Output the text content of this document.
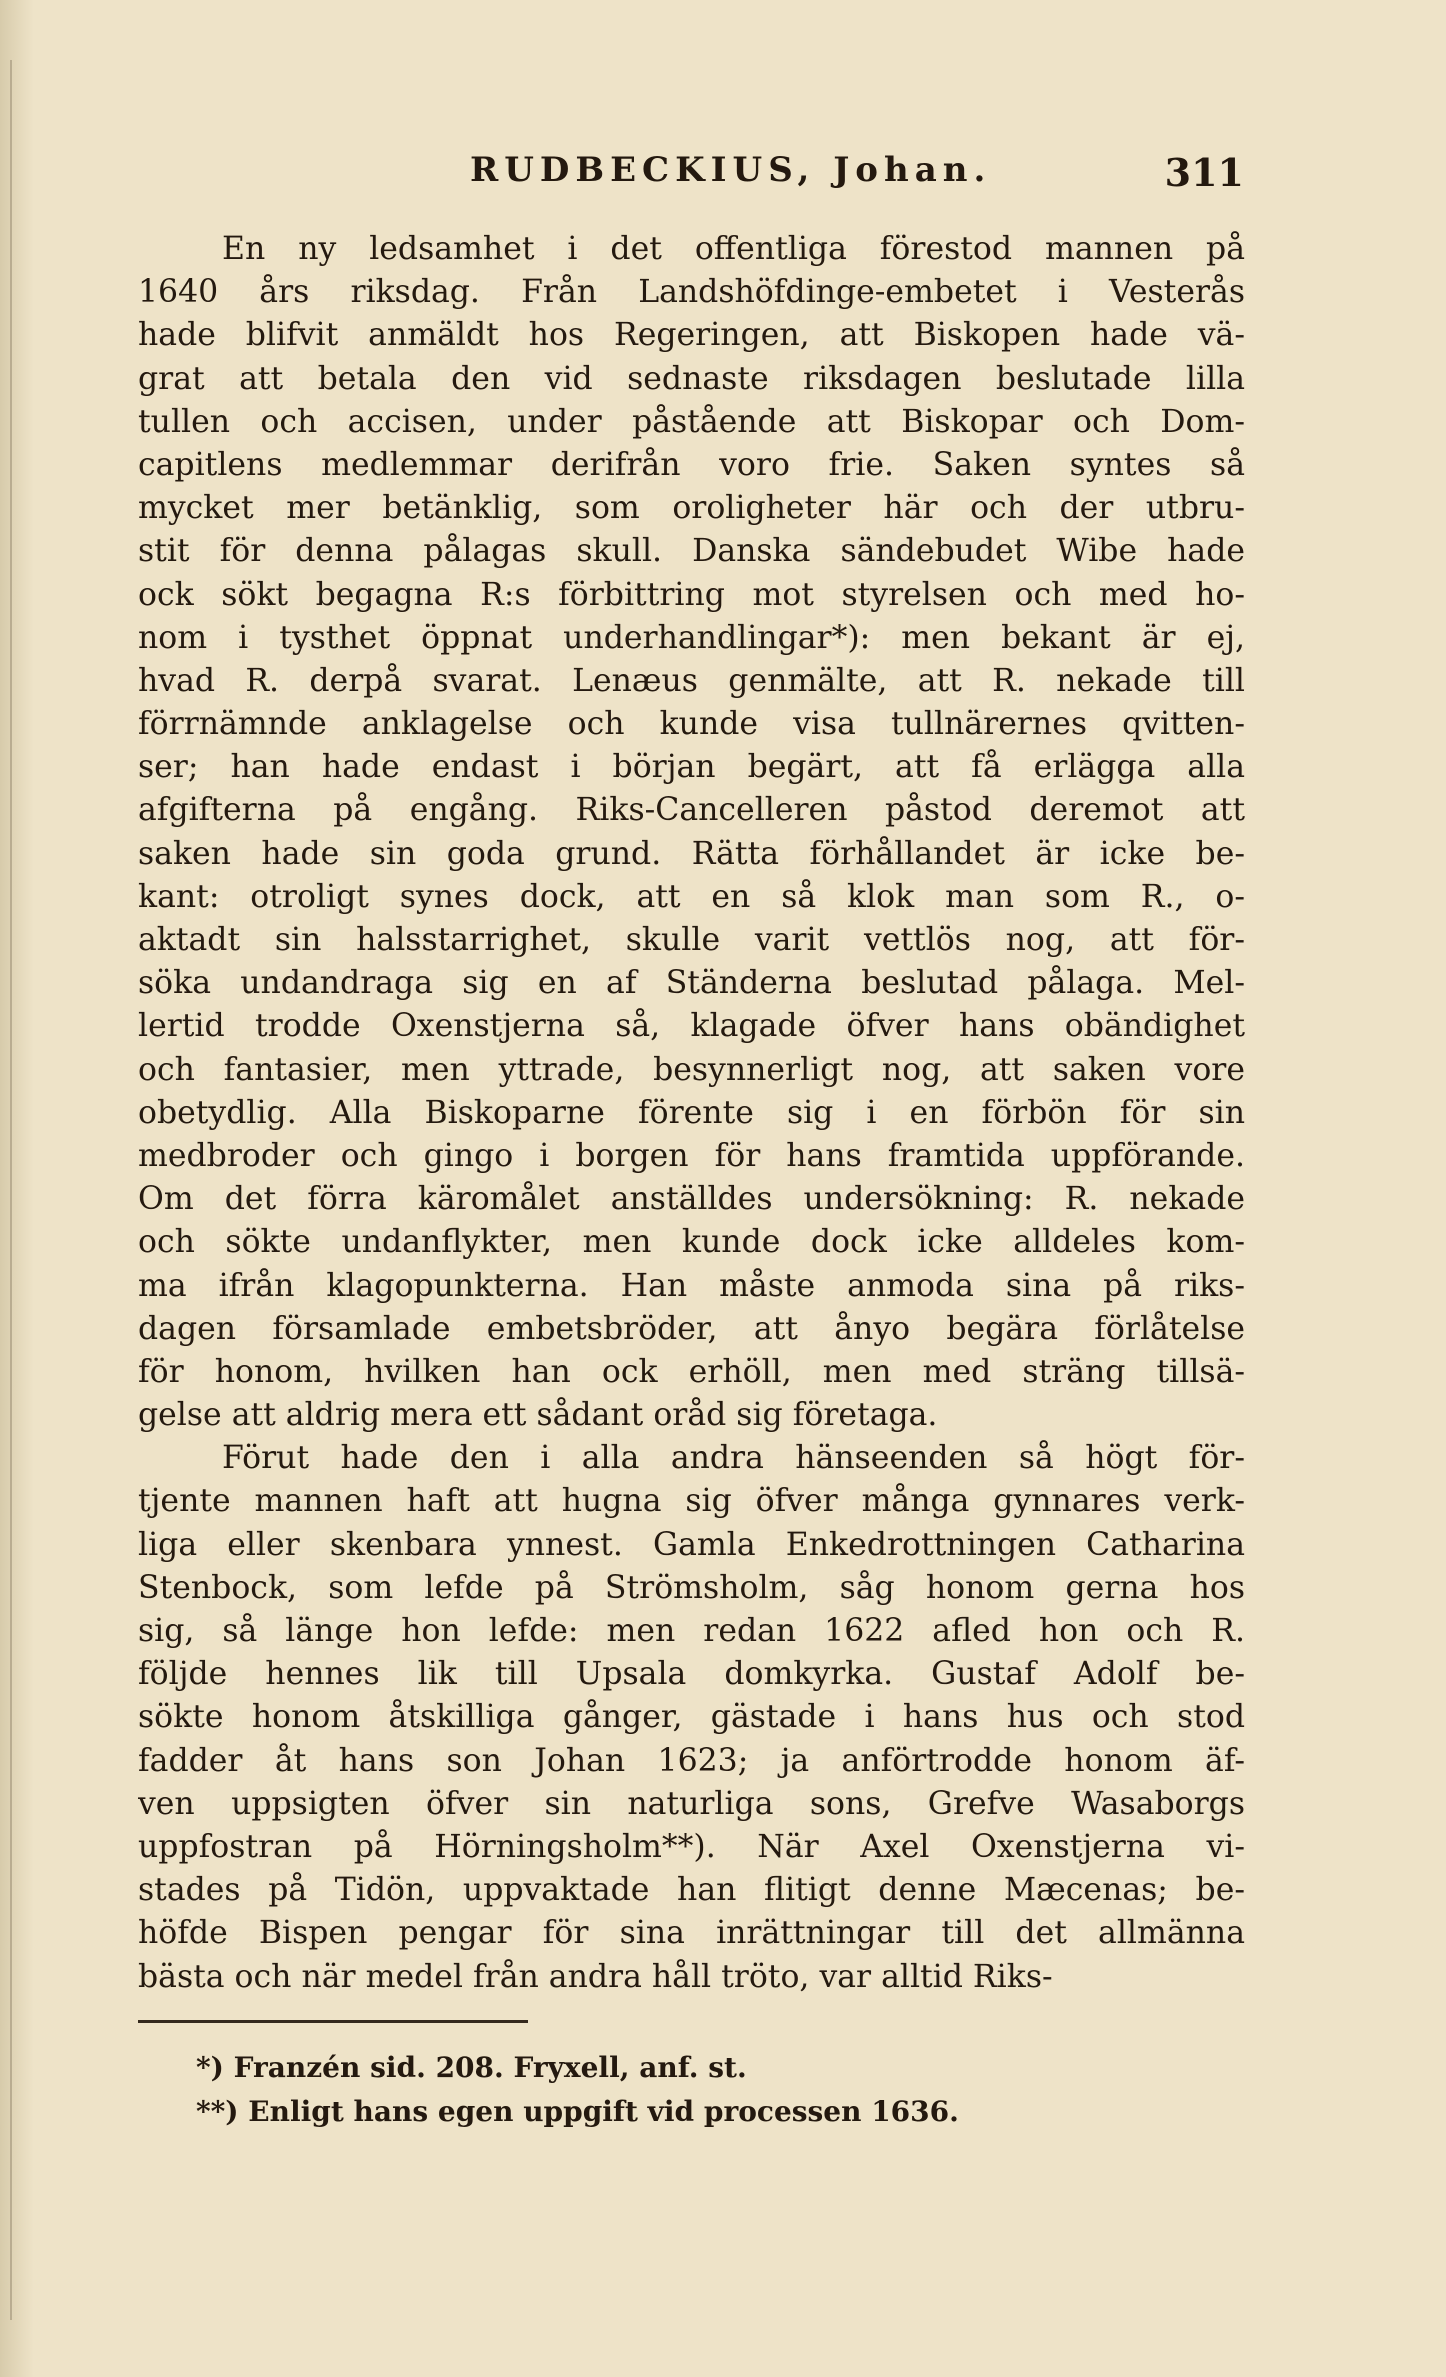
RUDBECKIUS, Johan.	311
En ny ledsamhet i det offentliga förestod mannen på
1640 års riksdag. Från Landshöfdinge-embetet i Vesterås
hade blifvit anmäldt hos Regeringen, att Biskopen hade vä-
grat att betala den vid sednaste riksdagen beslutade lilla
tullen och accisen, under påstående att Biskopar och Dom-
capitlens medlemmar derifrån voro frie. Saken syntes så
mycket mer betänklig, som oroligheter här och der utbru-
stit för denna pålagas skull. Danska sändebudet Wibe hade
ock sökt begagna R:s förbittring mot styrelsen och med ho-
nom i tysthet öppnat underhandlingar*): men bekant är ej,
hvad R. derpå svarat. Lenæus genmälte, att R. nekade till
förrnämnde anklagelse och kunde visa tullnärernes qvitten-
ser; han hade endast i början begärt, att få erlägga alla
afgifterna på engång. Riks-Cancelleren påstod deremot att
saken hade sin goda grund. Rätta förhållandet är icke be-
kant: otroligt synes dock, att en så klok man som R., o-
aktadt sin halsstarrighet, skulle varit vettlös nog, att för-
söka undandraga sig en af Ständerna beslutad pålaga. Mel-
lertid trodde Oxenstjerna så, klagade öfver hans obändighet
och fantasier, men yttrade, besynnerligt nog, att saken vore
obetydlig. Alla Biskoparne förente sig i en förbön för sin
medbroder och gingo i borgen för hans framtida uppförande.
Om det förra käromålet anställdes undersökning: R. nekade
och sökte undanflykter, men kunde dock icke alldeles kom-
ma ifrån klagopunkterna. Han måste anmoda sina på riks-
dagen församlade embetsbröder, att ånyo begära förlåtelse
för honom, hvilken han ock erhöll, men med sträng tillsä-
gelse att aldrig mera ett sådant oråd sig företaga.
Förut hade den i alla andra hänseenden så högt för-
tjente mannen haft att hugna sig öfver många gynnares verk-
liga eller skenbara ynnest. Gamla Enkedrottningen Catharina
Stenbock, som lefde på Strömsholm, såg honom gerna hos
sig, så länge hon lefde: men redan 1622 afled hon och R.
följde hennes lik till Upsala domkyrka. Gustaf Adolf be-
sökte honom åtskilliga gånger, gästade i hans hus och stod
fadder åt hans son Johan 1623; ja anförtrodde honom äf-
ven uppsigten öfver sin naturliga sons, Grefve Wasaborgs
uppfostran på Hörningsholm**). När Axel Oxenstjerna vi-
stades på Tidön, uppvaktade han flitigt denne Mæcenas; be-
höfde Bispen pengar för sina inrättningar till det allmänna
bästa och när medel från andra håll tröto, var alltid Riks-
*) Franzén sid. 208. Fryxell, anf. st.
**) Enligt hans egen uppgift vid processen 1636.
